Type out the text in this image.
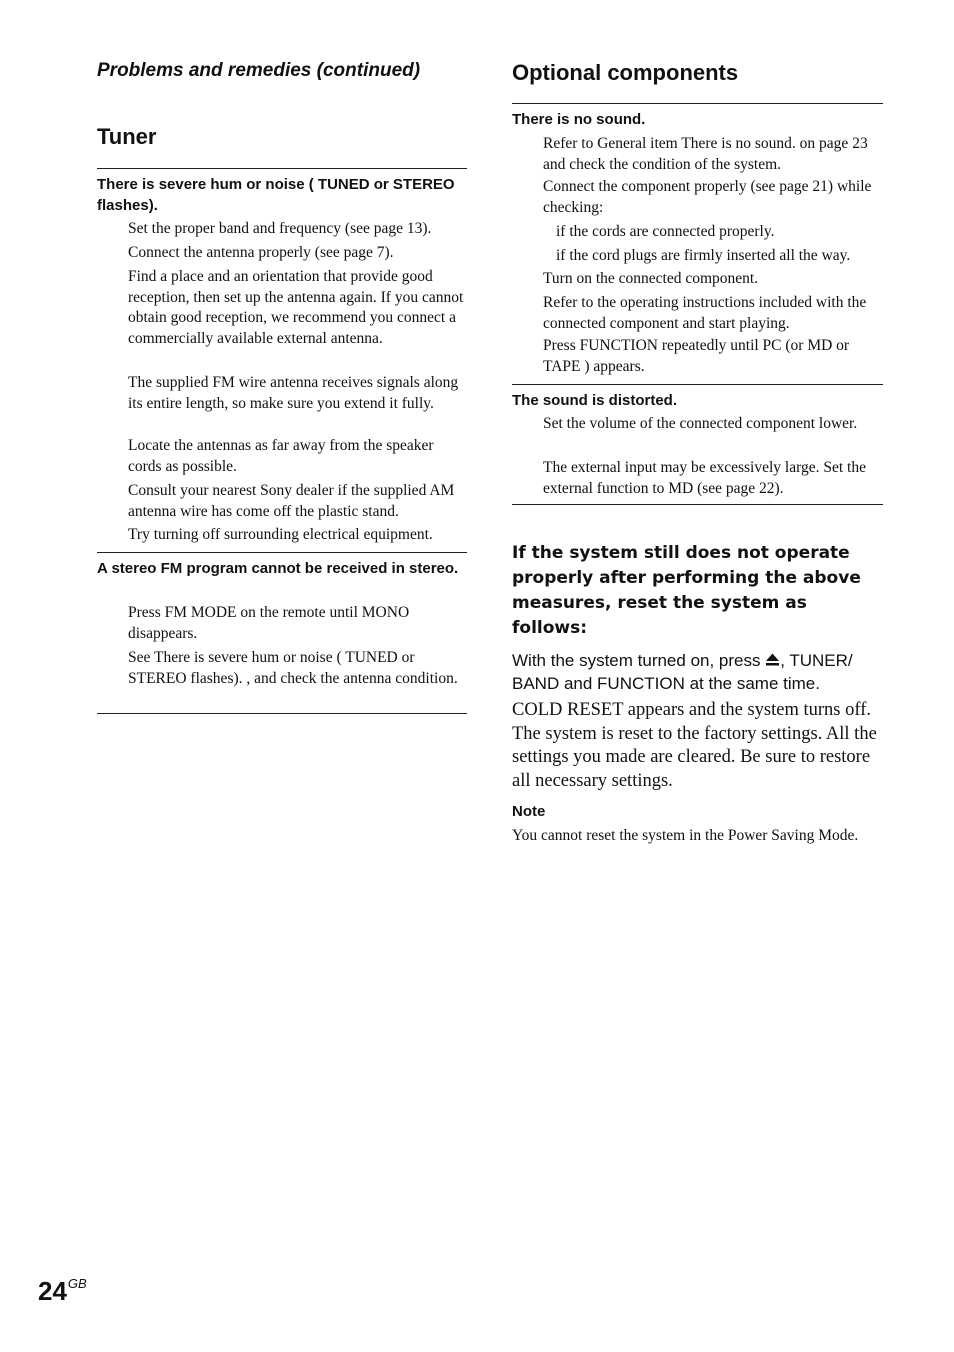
Problems and remedies (continued)
Tuner
There is severe hum or noise ( TUNED or STEREO flashes).
Set the proper band and frequency (see page 13).
Connect the antenna properly (see page 7).
Find a place and an orientation that provide good reception, then set up the antenna again. If you cannot obtain good reception, we recommend you connect a commercially available external antenna.
The supplied FM wire antenna receives signals along its entire length, so make sure you extend it fully.
Locate the antennas as far away from the speaker cords as possible.
Consult your nearest Sony dealer if the supplied AM antenna wire has come off the plastic stand.
Try turning off surrounding electrical equipment.
A stereo FM program cannot be received in stereo.
Press FM MODE on the remote until MONO disappears.
See There is severe hum or noise ( TUNED or STEREO flashes). , and check the antenna condition.
Optional components
There is no sound.
Refer to General item There is no sound. on page 23 and check the condition of the system.
Connect the component properly (see page 21) while checking:
if the cords are connected properly.
if the cord plugs are firmly inserted all the way.
Turn on the connected component.
Refer to the operating instructions included with the connected component and start playing.
Press FUNCTION repeatedly until PC (or MD or TAPE ) appears.
The sound is distorted.
Set the volume of the connected component lower.
The external input may be excessively large. Set the external function to MD (see page 22).
If the system still does not operate properly after performing the above measures, reset the system as follows:
With the system turned on, press , TUNER/ BAND and FUNCTION at the same time.
COLD RESET appears and the system turns off. The system is reset to the factory settings. All the settings you made are cleared. Be sure to restore all necessary settings.
Note
You cannot reset the system in the Power Saving Mode.
$24^{GB}$
